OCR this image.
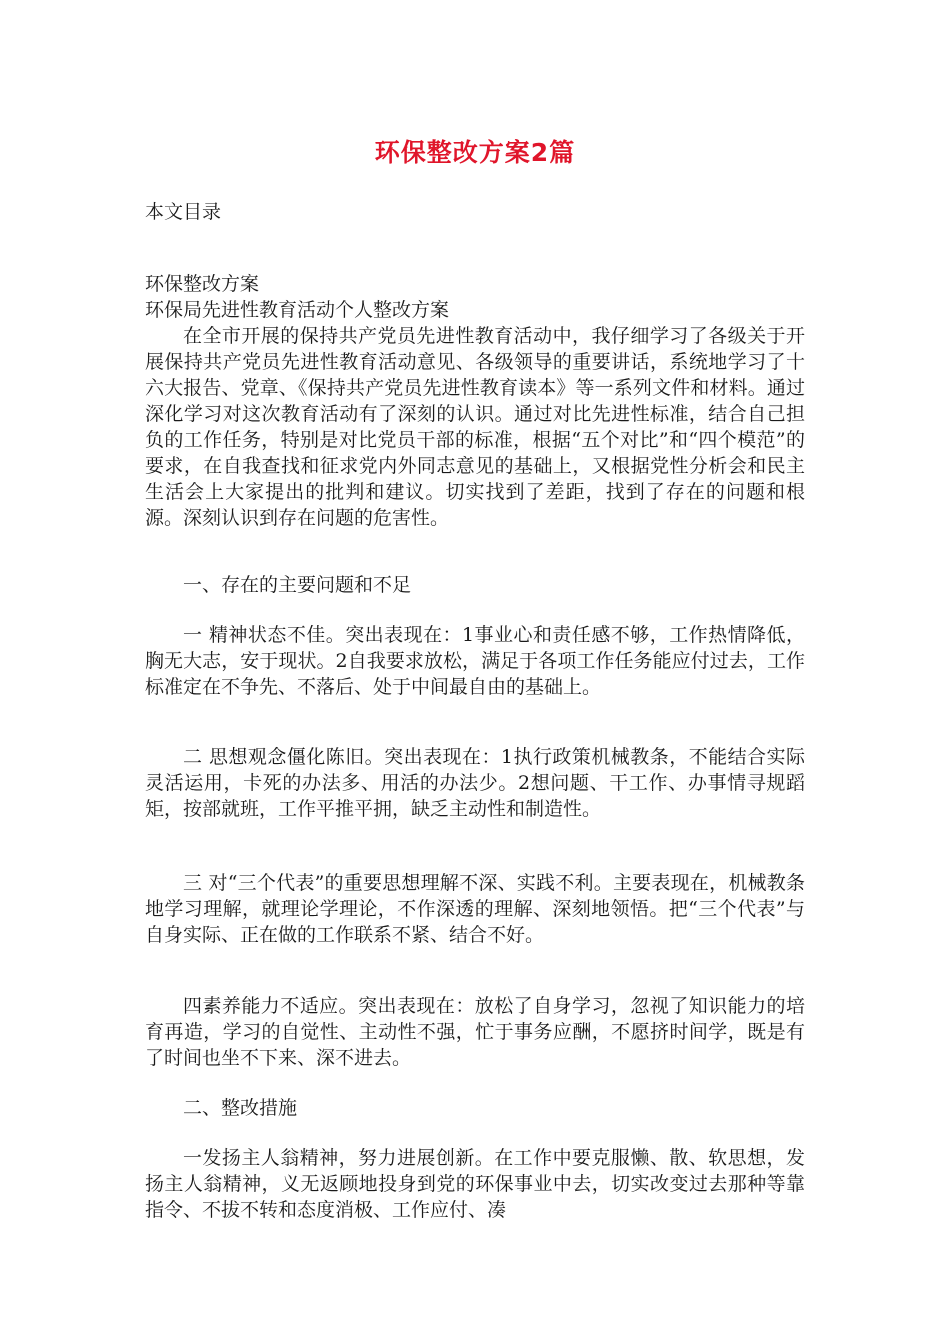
环保整改方案2篇
本文目录
环保整改方案
环保局先进性教育活动个人整改方案

在全市开展的保持共产党员先进性教育活动中，我仔细学习了各级关于开展保持共产党员先进性教育活动意见、各级领导的重要讲话，系统地学习了十六大报告、党章、《保持共产党员先进性教育读本》等一系列文件和材料。通过深化学习对这次教育活动有了深刻的认识。通过对比先进性标准，结合自己担负的工作任务，特别是对比党员干部的标准，根据“五个对比”和“四个模范”的要求，在自我查找和征求党内外同志意见的基础上，又根据党性分析会和民主生活会上大家提出的批判和建议。切实找到了差距，找到了存在的问题和根源。深刻认识到存在问题的危害性。

一、存在的主要问题和不足

一 精神状态不佳。突出表现在：1事业心和责任感不够，工作热情降低，胸无大志，安于现状。2自我要求放松，满足于各项工作任务能应付过去，工作标准定在不争先、不落后、处于中间最自由的基础上。

二 思想观念僵化陈旧。突出表现在：1执行政策机械教条，不能结合实际灵活运用，卡死的办法多、用活的办法少。2想问题、干工作、办事情寻规蹈矩，按部就班，工作平推平拥，缺乏主动性和制造性。

三 对“三个代表”的重要思想理解不深、实践不利。主要表现在，机械教条地学习理解，就理论学理论，不作深透的理解、深刻地领悟。把“三个代表”与自身实际、正在做的工作联系不紧、结合不好。

四素养能力不适应。突出表现在：放松了自身学习，忽视了知识能力的培育再造，学习的自觉性、主动性不强，忙于事务应酬，不愿挤时间学，既是有了时间也坐不下来、深不进去。

二、整改措施

一发扬主人翁精神，努力进展创新。在工作中要克服懒、散、软思想，发扬主人翁精神，义无返顾地投身到党的环保事业中去，切实改变过去那种等靠指令、不拔不转和态度消极、工作应付、凑
